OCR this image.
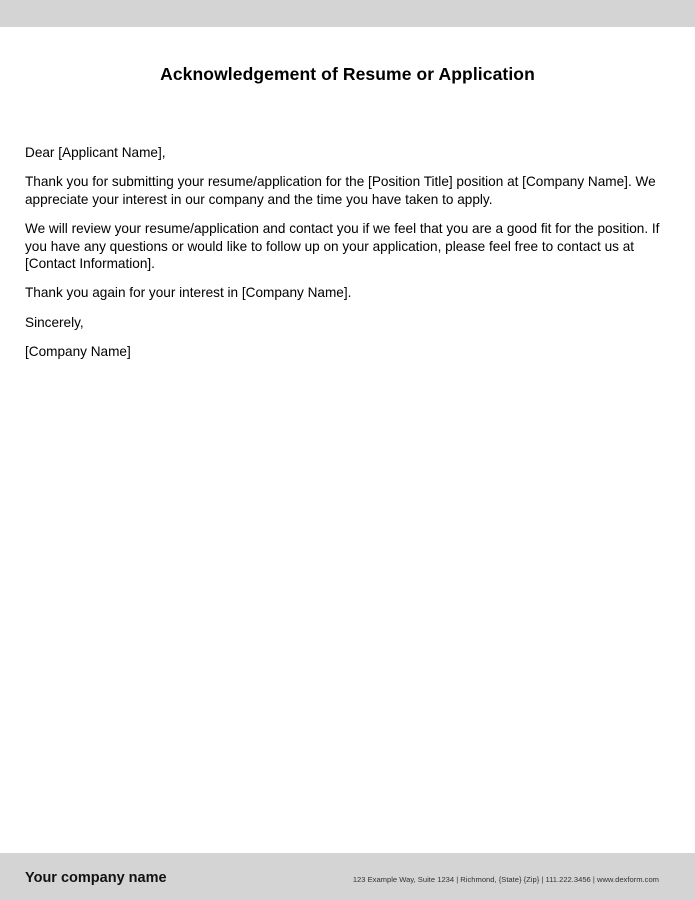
Acknowledgement of Resume or Application

Dear [Applicant Name],

Thank you for submitting your resume/application for the [Position Title] position at [Company Name]. We appreciate your interest in our company and the time you have taken to apply.

We will review your resume/application and contact you if we feel that you are a good fit for the position. If you have any questions or would like to follow up on your application, please feel free to contact us at [Contact Information].

Thank you again for your interest in [Company Name].

Sincerely,

[Company Name]

Your company name	123 Example Way, Suite 1234 | Richmond, {State} {Zip} | 111.222.3456 | www.dexform.com
